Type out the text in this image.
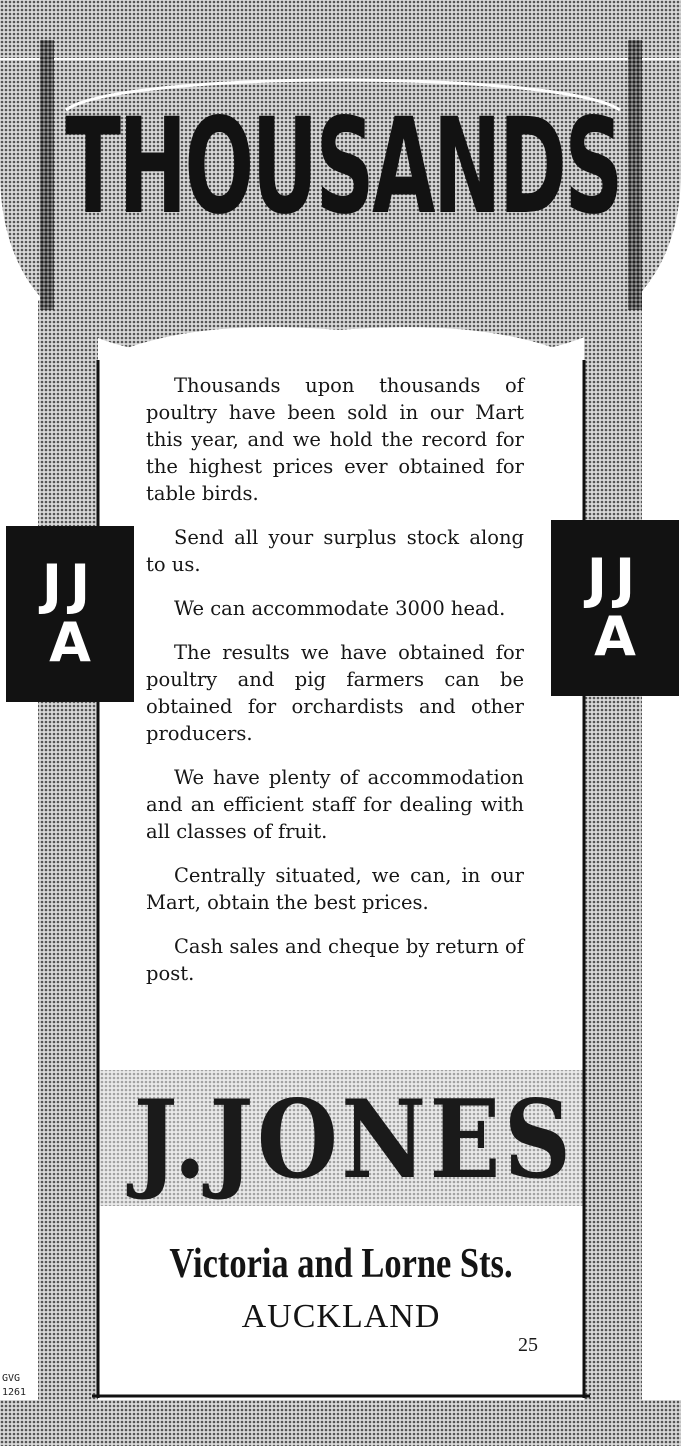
THOUSANDS
JJ
A
JJ
A

Thousands upon thousands of poultry have been sold in our Mart this year, and we hold the record for the highest prices ever obtained for table birds.

Send all your surplus stock along to us.

We can accommodate 3000 head.

The results we have obtained for poultry and pig farmers can be obtained for orchardists and other producers.

We have plenty of accommodation and an efficient staff for dealing with all classes of fruit.

Centrally situated, we can, in our Mart, obtain the best prices.

Cash sales and cheque by return of post.

J.JONES
Victoria and Lorne Sts.
AUCKLAND
25
GVG
1261
